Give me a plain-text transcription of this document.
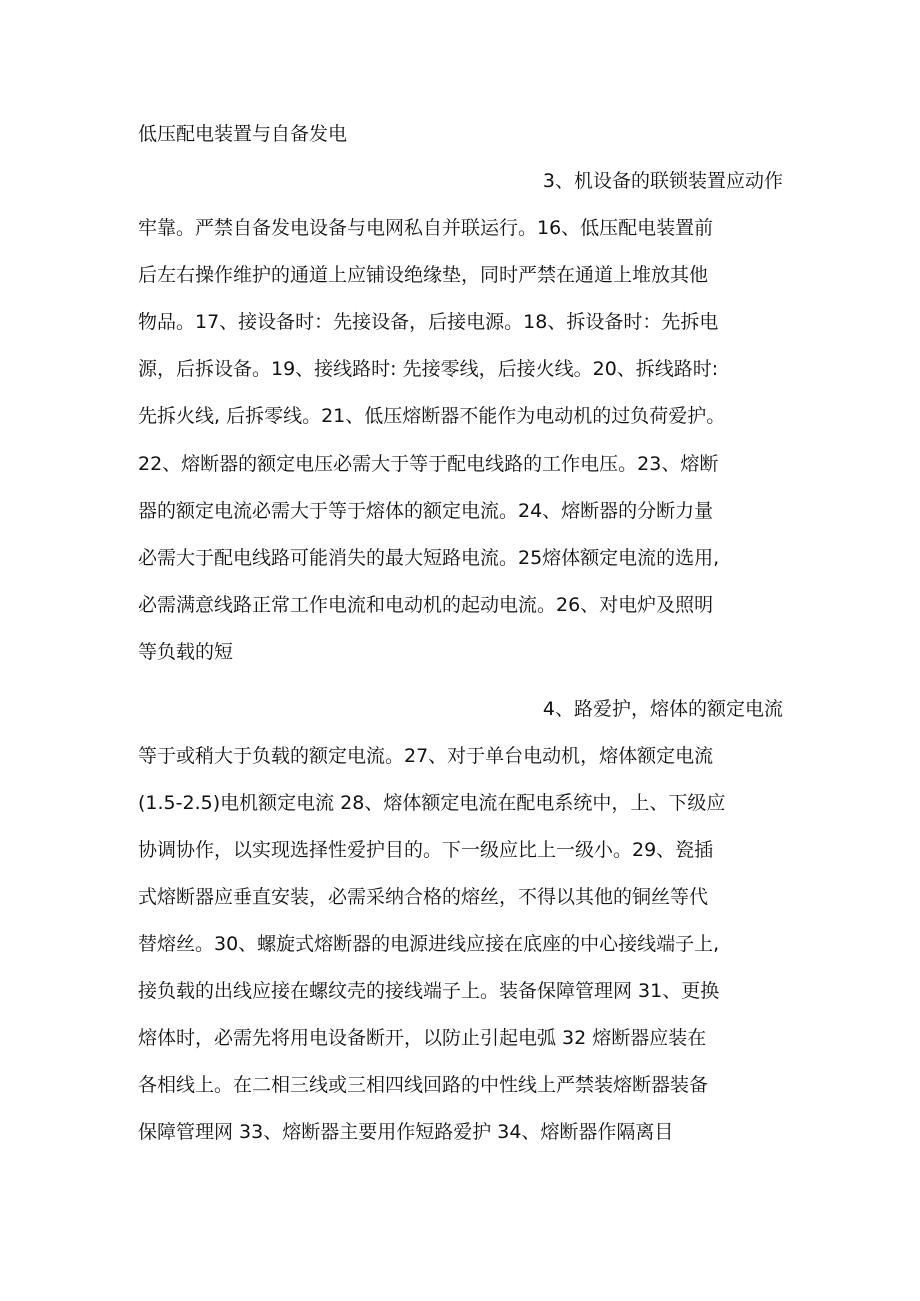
低压配电装置与自备发电
3、机设备的联锁装置应动作
牢靠。严禁自备发电设备与电网私自并联运行。16、低压配电装置前
后左右操作维护的通道上应铺设绝缘垫，同时严禁在通道上堆放其他
物品。17、接设备时：先接设备，后接电源。18、拆设备时：先拆电
源，后拆设备。19、接线路时: 先接零线，后接火线。20、拆线路时:
先拆火线, 后拆零线。21、低压熔断器不能作为电动机的过负荷爱护。
22、熔断器的额定电压必需大于等于配电线路的工作电压。23、熔断
器的额定电流必需大于等于熔体的额定电流。24、熔断器的分断力量
必需大于配电线路可能消失的最大短路电流。25熔体额定电流的选用,
必需满意线路正常工作电流和电动机的起动电流。26、对电炉及照明
等负载的短
4、路爱护，熔体的额定电流
等于或稍大于负载的额定电流。27、对于单台电动机，熔体额定电流
(1.5-2.5)电机额定电流 28、熔体额定电流在配电系统中，上、下级应
协调协作，以实现选择性爱护目的。下一级应比上一级小。29、瓷插
式熔断器应垂直安装，必需采纳合格的熔丝，不得以其他的铜丝等代
替熔丝。30、螺旋式熔断器的电源进线应接在底座的中心接线端子上,
接负载的出线应接在螺纹壳的接线端子上。装备保障管理网 31、更换
熔体时，必需先将用电设备断开，以防止引起电弧 32 熔断器应装在
各相线上。在二相三线或三相四线回路的中性线上严禁装熔断器装备
保障管理网 33、熔断器主要用作短路爱护 34、熔断器作隔离目
